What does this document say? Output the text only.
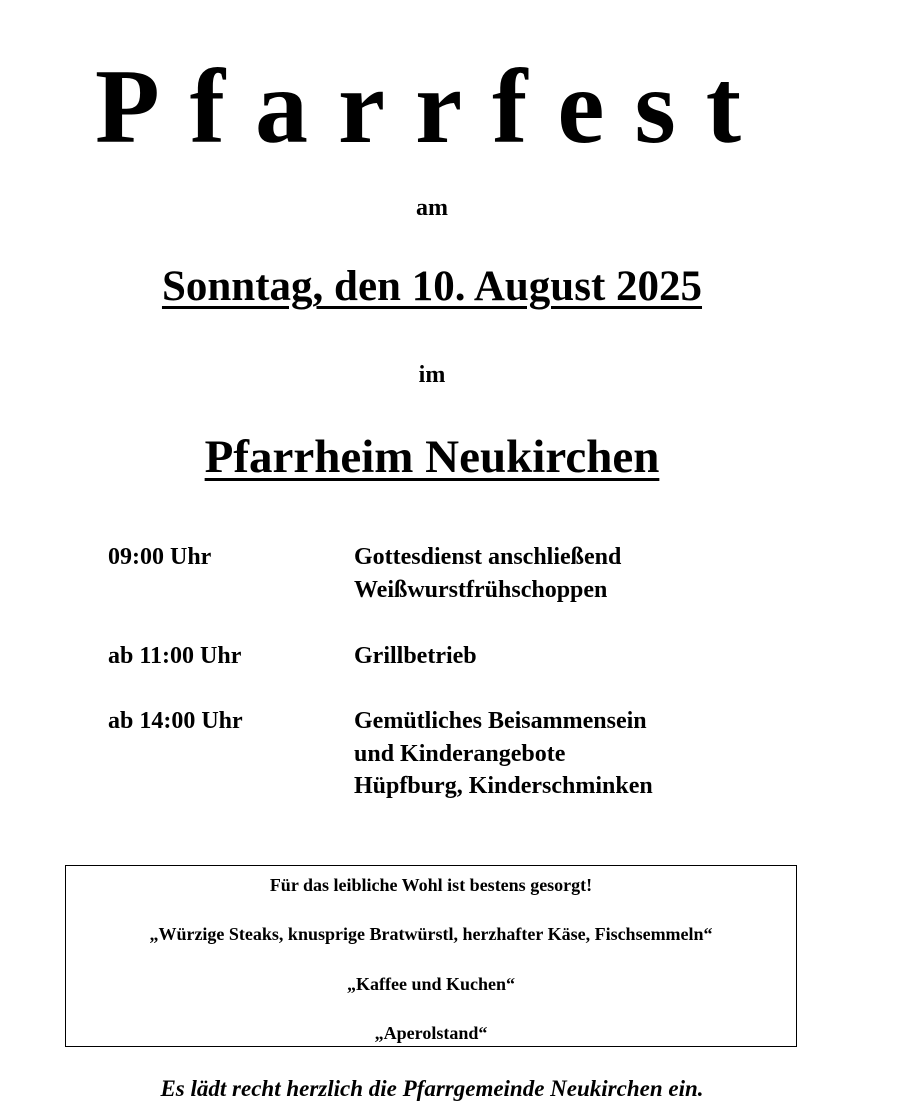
Pfarrfest
am
Sonntag, den 10. August 2025
im
Pfarrheim Neukirchen
09:00 Uhr	Gottesdienst anschließend
Weißwurstfrühschoppen
ab 11:00 Uhr	Grillbetrieb
ab 14:00 Uhr	Gemütliches Beisammensein
und Kinderangebote
Hüpfburg, Kinderschminken
Für das leibliche Wohl ist bestens gesorgt!
„Würzige Steaks, knusprige Bratwürstl, herzhafter Käse, Fischsemmeln“
„Kaffee und Kuchen“
„Aperolstand“
Es lädt recht herzlich die Pfarrgemeinde Neukirchen ein.
